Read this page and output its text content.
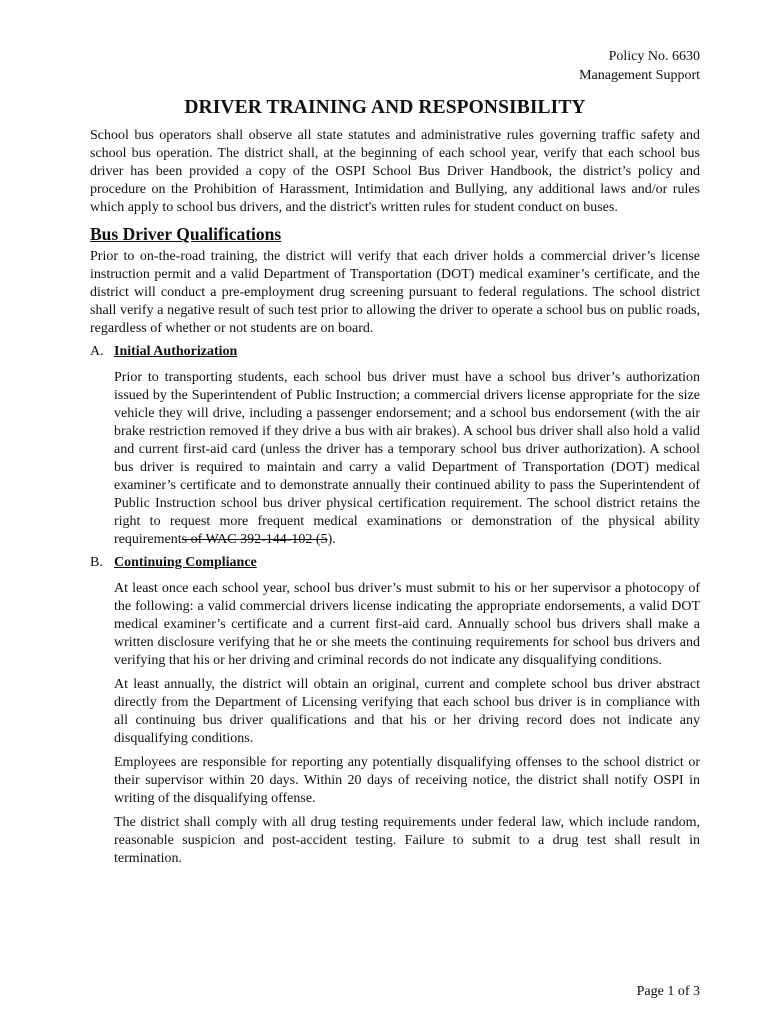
Policy No. 6630
Management Support
DRIVER TRAINING AND RESPONSIBILITY

School bus operators shall observe all state statutes and administrative rules governing traffic safety and school bus operation. The district shall, at the beginning of each school year, verify that each school bus driver has been provided a copy of the OSPI School Bus Driver Handbook, the district’s policy and procedure on the Prohibition of Harassment, Intimidation and Bullying, any additional laws and/or rules which apply to school bus drivers, and the district's written rules for student conduct on buses.

Bus Driver Qualifications

Prior to on-the-road training, the district will verify that each driver holds a commercial driver’s license instruction permit and a valid Department of Transportation (DOT) medical examiner’s certificate, and the district will conduct a pre-employment drug screening pursuant to federal regulations. The school district shall verify a negative result of such test prior to allowing the driver to operate a school bus on public roads, regardless of whether or not students are on board.

A. Initial Authorization

Prior to transporting students, each school bus driver must have a school bus driver’s authorization issued by the Superintendent of Public Instruction; a commercial drivers license appropriate for the size vehicle they will drive, including a passenger endorsement; and a school bus endorsement (with the air brake restriction removed if they drive a bus with air brakes). A school bus driver shall also hold a valid and current first-aid card (unless the driver has a temporary school bus driver authorization). A school bus driver is required to maintain and carry a valid Department of Transportation (DOT) medical examiner’s certificate and to demonstrate annually their continued ability to pass the Superintendent of Public Instruction school bus driver physical certification requirement. The school district retains the right to request more frequent medical examinations or demonstration of the physical ability requirements of WAC 392-144-102 (5).

B. Continuing Compliance

At least once each school year, school bus driver’s must submit to his or her supervisor a photocopy of the following: a valid commercial drivers license indicating the appropriate endorsements, a valid DOT medical examiner’s certificate and a current first-aid card. Annually school bus drivers shall make a written disclosure verifying that he or she meets the continuing requirements for school bus drivers and verifying that his or her driving and criminal records do not indicate any disqualifying conditions.

At least annually, the district will obtain an original, current and complete school bus driver abstract directly from the Department of Licensing verifying that each school bus driver is in compliance with all continuing bus driver qualifications and that his or her driving record does not indicate any disqualifying conditions.

Employees are responsible for reporting any potentially disqualifying offenses to the school district or their supervisor within 20 days. Within 20 days of receiving notice, the district shall notify OSPI in writing of the disqualifying offense.

The district shall comply with all drug testing requirements under federal law, which include random, reasonable suspicion and post-accident testing. Failure to submit to a drug test shall result in termination.

Page 1 of 3
